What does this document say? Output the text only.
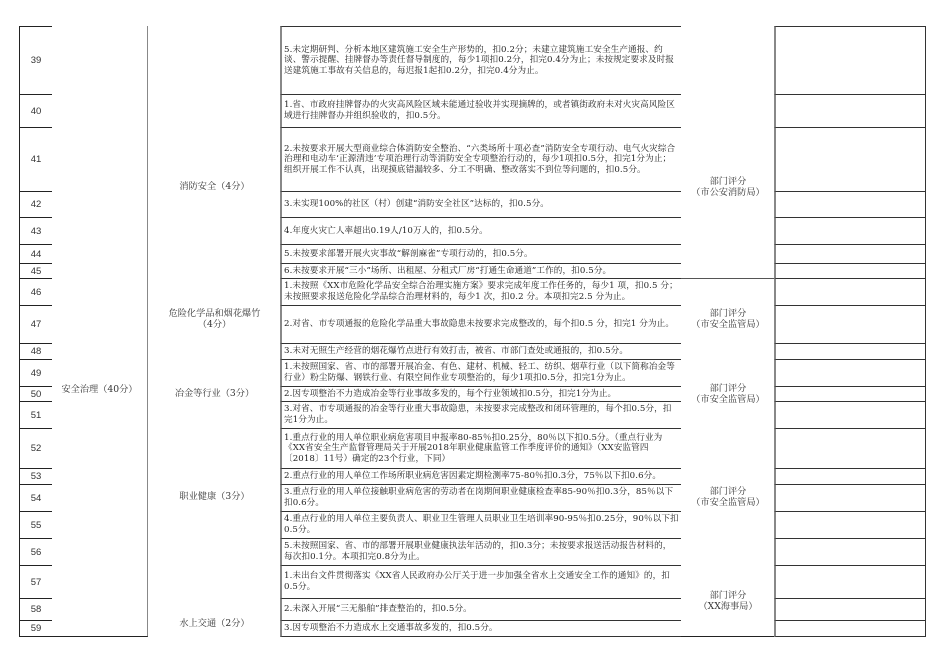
39
40
41
42
43
44
45
46
47
48
49
50
51
52
53
54
55
56
57
58
59
安全治理（40分）
消防安全（4分）
危险化学品和烟花爆竹（4分）
冶金等行业（3分）
职业健康（3分）
水上交通（2分）
5.未定期研判、分析本地区建筑施工安全生产形势的，扣0.2分；未建立建筑施工安全生产通报、约谈、警示提醒、挂牌督办等责任督导制度的，每少1项扣0.2分，扣完0.4分为止；未按规定要求及时报送建筑施工事故有关信息的，每迟报1起扣0.2分，扣完0.4分为止。
1.省、市政府挂牌督办的火灾高风险区域未能通过验收并实现摘牌的，或者镇街政府未对火灾高风险区域进行挂牌督办并组织验收的，扣0.5分。
2.未按要求开展大型商业综合体消防安全整治、“六类场所十项必查”消防安全专项行动、电气火灾综合治理和电动车‘正源清违’专项治理行动等消防安全专项整治行动的，每少1项扣0.5分，扣完1分为止；组织开展工作不认真，出现摸底错漏较多、分工不明确、整改落实不到位等问题的，扣0.5分。
3.未实现100%的社区（村）创建“消防安全社区”达标的，扣0.5分。
4.年度火灾亡人率超出0.19人/10万人的，扣0.5分。
5.未按要求部署开展火灾事故“解剖麻雀”专项行动的，扣0.5分。
6.未按要求开展“三小”场所、出租屋、分租式厂房“打通生命通道”工作的，扣0.5分。
1.未按照《XX市危险化学品安全综合治理实施方案》要求完成年度工作任务的，每少1 项，扣0.5 分；未按照要求报送危险化学品综合治理材料的，每少1 次，扣0.2 分。本项扣完2.5 分为止。
2.对省、市专项通报的危险化学品重大事故隐患未按要求完成整改的，每个扣0.5 分，扣完1 分为止。
3.未对无照生产经营的烟花爆竹点进行有效打击，被省、市部门查处或通报的，扣0.5分。
1.未按照国家、省、市的部署开展冶金、有色、建材、机械、轻工、纺织、烟草行业（以下简称冶金等行业）粉尘防爆、钢铁行业、有限空间作业专项整治的，每少1项扣0.5分，扣完1分为止。
2.因专项整治不力造成冶金等行业事故多发的，每个行业领域扣0.5分，扣完1分为止。
3.对省、市专项通报的冶金等行业重大事故隐患，未按要求完成整改和闭环管理的，每个扣0.5分，扣完1分为止。
1.重点行业的用人单位职业病危害项目申报率80-85％扣0.25分，80％以下扣0.5分。（重点行业为《XX省安全生产监督管理局关于开展2018年职业健康监管工作季度评价的通知》（XX安监管四〔2018〕11号）确定的23个行业，下同）
2.重点行业的用人单位工作场所职业病危害因素定期检测率75-80％扣0.3分，75％以下扣0.6分。
3.重点行业的用人单位接触职业病危害的劳动者在岗期间职业健康检查率85-90％扣0.3分，85％以下扣0.6分。
4.重点行业的用人单位主要负责人、职业卫生管理人员职业卫生培训率90-95％扣0.25分，90％以下扣0.5分。
5.未按照国家、省、市的部署开展职业健康执法年活动的，扣0.3分；未按要求报送活动报告材料的，每次扣0.1分。本项扣完0.8分为止。
1.未出台文件贯彻落实《XX省人民政府办公厅关于进一步加强全省水上交通安全工作的通知》的，扣0.5分。
2.未深入开展“三无船舶”排查整治的，扣0.5分。
3.因专项整治不力造成水上交通事故多发的，扣0.5分。
部门评分
（市公安消防局）
部门评分
（市安全监管局）
部门评分
（市安全监管局）
部门评分
（市安全监管局）
部门评分
（XX海事局）
